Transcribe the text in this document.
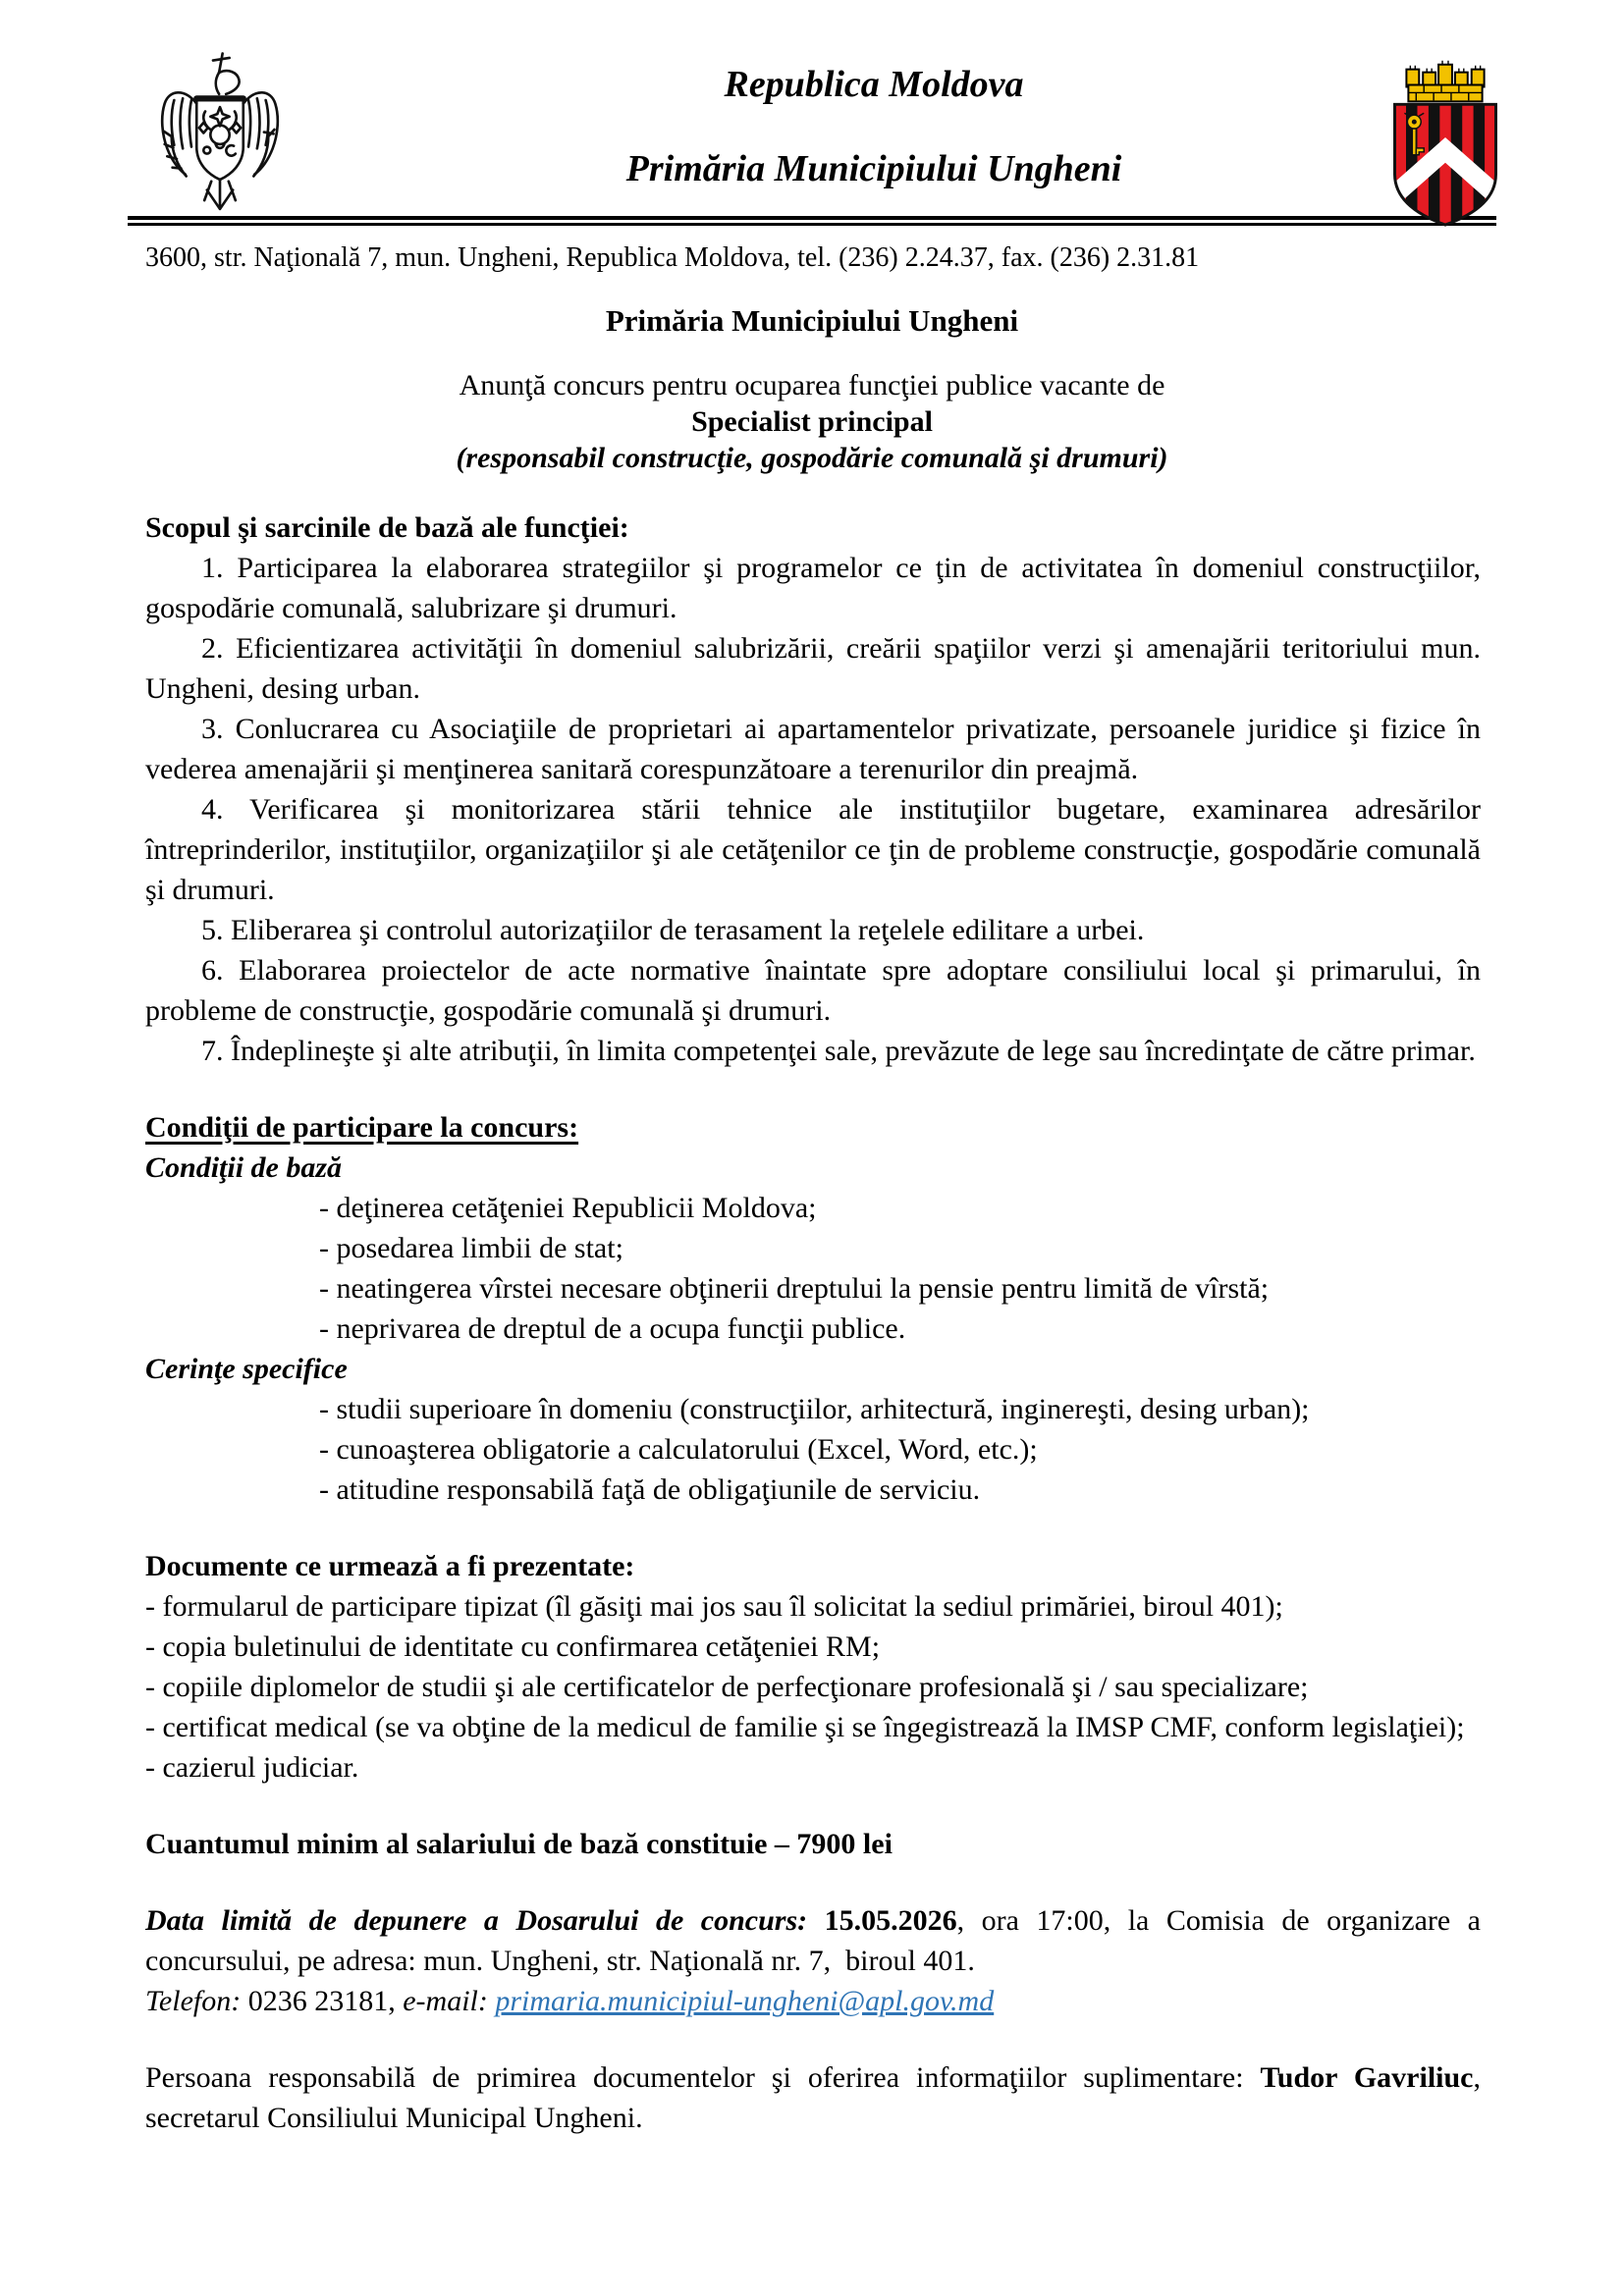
Republica Moldova
Primăria Municipiului Ungheni
3600, str. Naţională 7, mun. Ungheni, Republica Moldova, tel. (236) 2.24.37, fax. (236) 2.31.81
Primăria Municipiului Ungheni
Anunţă concurs pentru ocuparea funcţiei publice vacante de
Specialist principal
(responsabil construcţie, gospodărie comunală şi drumuri)
Scopul şi sarcinile de bază ale funcţiei:

1. Participarea la elaborarea strategiilor şi programelor ce ţin de activitatea în domeniul construcţiilor, gospodărie comunală, salubrizare şi drumuri.

2. Eficientizarea activităţii în domeniul salubrizării, creării spaţiilor verzi şi amenajării teritoriului mun. Ungheni, desing urban.

3. Conlucrarea cu Asociaţiile de proprietari ai apartamentelor privatizate, persoanele juridice şi fizice în vederea amenajării şi menţinerea sanitară corespunzătoare a terenurilor din preajmă.

4. Verificarea şi monitorizarea stării tehnice ale instituţiilor bugetare, examinarea adresărilor întreprinderilor, instituţiilor, organizaţiilor şi ale cetăţenilor ce ţin de probleme construcţie, gospodărie comunală şi drumuri.

5. Eliberarea şi controlul autorizaţiilor de terasament la reţelele edilitare a urbei.

6. Elaborarea proiectelor de acte normative înaintate spre adoptare consiliului local şi primarului, în probleme de construcţie, gospodărie comunală şi drumuri.

7. Îndeplineşte şi alte atribuţii, în limita competenţei sale, prevăzute de lege sau încredinţate de către primar.

Condiţii de participare la concurs:
Condiţii de bază
- deţinerea cetăţeniei Republicii Moldova;
- posedarea limbii de stat;
- neatingerea vîrstei necesare obţinerii dreptului la pensie pentru limită de vîrstă;
- neprivarea de dreptul de a ocupa funcţii publice.
Cerinţe specifice
- studii superioare în domeniu (construcţiilor, arhitectură, inginereşti, desing urban);
- cunoaşterea obligatorie a calculatorului (Excel, Word, etc.);
- atitudine responsabilă faţă de obligaţiunile de serviciu.
Documente ce urmează a fi prezentate:

- formularul de participare tipizat (îl găsiţi mai jos sau îl solicitat la sediul primăriei, biroul 401);

- copia buletinului de identitate cu confirmarea cetăţeniei RM;

- copiile diplomelor de studii şi ale certificatelor de perfecţionare profesională şi / sau specializare;

- certificat medical (se va obţine de la medicul de familie şi se îngegistrează la IMSP CMF, conform legislaţiei);

- cazierul judiciar.

Cuantumul minim al salariului de bază constituie – 7900 lei
Data limită de depunere a Dosarului de concurs: 15.05.2026, ora 17:00, la Comisia de organizare a concursului, pe adresa: mun. Ungheni, str. Naţională nr. 7,  biroul 401.
Telefon: 0236 23181, e-mail: primaria.municipiul-ungheni@apl.gov.md
Persoana responsabilă de primirea documentelor şi oferirea informaţiilor suplimentare: Tudor Gavriliuc, secretarul Consiliului Municipal Ungheni.
